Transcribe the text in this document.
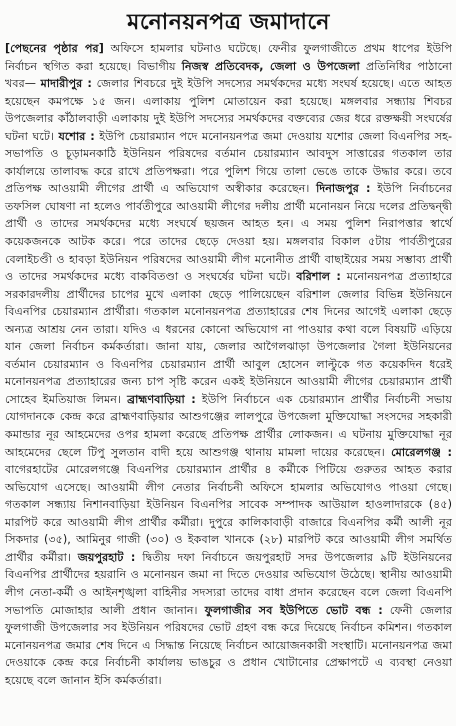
মনোনয়নপত্র জমাদানে
[পেছনের পৃষ্ঠার পর] অফিসে হামলার ঘটনাও ঘটেছে। ফেনীর ফুলগাজীতে প্রথম ধাপের ইউপি নির্বাচন স্থগিত করা হয়েছে। বিভাগীয় নিজস্ব প্রতিবেদক, জেলা ও উপজেলা প্রতিনিধির পাঠানো খবর— মাদারীপুর : জেলার শিবচরে দুই ইউপি সদস্যের সমর্থকদের মধ্যে সংঘর্ষ হয়েছে। এতে আহত হয়েছেন কমপক্ষে ১৫ জন। এলাকায় পুলিশ মোতায়েন করা হয়েছে। মঙ্গলবার সন্ধ্যায় শিবচর উপজেলার কাঁঠালবাড়ী এলাকায় দুই ইউপি সদস্যের সমর্থকদের বক্তব্যের জের ধরে রক্তক্ষয়ী সংঘর্ষের ঘটনা ঘটে। যশোর : ইউপি চেয়ারম্যান পদে মনোনয়নপত্র জমা দেওয়ায় যশোর জেলা বিএনপির সহ-সভাপতি ও চূড়ামনকাঠি ইউনিয়ন পরিষদের বর্তমান চেয়ারম্যান আবদুস সাত্তারের গতকাল তার কার্যালয়ে তালাবদ্ধ করে রাখে প্রতিপক্ষরা। পরে পুলিশ গিয়ে তালা ভেঙে তাকে উদ্ধার করে। তবে প্রতিপক্ষ আওয়ামী লীগের প্রার্থী এ অভিযোগ অস্বীকার করেছেন। দিনাজপুর : ইউপি নির্বাচনের তফসিল ঘোষণা না হলেও পার্বতীপুরে আওয়ামী লীগের দলীয় প্রার্থী মনোনয়ন নিয়ে দলের প্রতিদ্বন্দ্বী প্রার্থী ও তাদের সমর্থকদের মধ্যে সংঘর্ষে ছয়জন আহত হন। এ সময় পুলিশ নিরাপত্তার স্বার্থে কয়েকজনকে আটক করে। পরে তাদের ছেড়ে দেওয়া হয়। মঙ্গলবার বিকাল ৫টায় পার্বতীপুরের বেলাইচণ্ডী ও হাবড়া ইউনিয়ন পরিষদের আওয়ামী লীগ মনোনীত প্রার্থী বাছাইয়ের সময় সম্ভাব্য প্রার্থী ও তাদের সমর্থকদের মধ্যে বাকবিতণ্ডা ও সংঘর্ষের ঘটনা ঘটে। বরিশাল : মনোনয়নপত্র প্রত্যাহারে সরকারদলীয় প্রার্থীদের চাপের মুখে এলাকা ছেড়ে পালিয়েছেন বরিশাল জেলার বিভিন্ন ইউনিয়নে বিএনপির চেয়ারম্যান প্রার্থীরা। গতকাল মনোনয়নপত্র প্রত্যাহারের শেষ দিনের আগেই এলাকা ছেড়ে অন্যত্র আশ্রয় নেন তারা। যদিও এ ধরনের কোনো অভিযোগ না পাওয়ার কথা বলে বিষয়টি এড়িয়ে যান জেলা নির্বাচন কর্মকর্তারা। জানা যায়, জেলার আগৈলঝাড়া উপজেলার গৈলা ইউনিয়নের বর্তমান চেয়ারম্যান ও বিএনপির চেয়ারম্যান প্রার্থী আবুল হোসেন লাল্টুকে গত কয়েকদিন ধরেই মনোনয়নপত্র প্রত্যাহারের জন্য চাপ সৃষ্টি করেন একই ইউনিয়নে আওয়ামী লীগের চেয়ারম্যান প্রার্থী সোহেব ইমতিয়াজ লিমন। ব্রাহ্মণবাড়িয়া : ইউপি নির্বাচনে এক চেয়ারম্যান প্রার্থীর নির্বাচনী সভায় যোগদানকে কেন্দ্র করে ব্রাহ্মণবাড়িয়ার আশুগঞ্জের লালপুরে উপজেলা মুক্তিযোদ্ধা সংসদের সহকারী কমান্ডার নূর আহমেদের ওপর হামলা করেছে প্রতিপক্ষ প্রার্থীর লোকজন। এ ঘটনায় মুক্তিযোদ্ধা নূর আহমেদের ছেলে টিপু সুলতান বাদী হয়ে আশুগঞ্জ থানায় মামলা দায়ের করেছেন। মোরেলগঞ্জ : বাগেরহাটের মোরেলগঞ্জে বিএনপির চেয়ারম্যান প্রার্থীর ৪ কর্মীকে পিটিয়ে গুরুতর আহত করার অভিযোগ এসেছে। আওয়ামী লীগ নেতার নির্বাচনী অফিসে হামলার অভিযোগও পাওয়া গেছে। গতকাল সন্ধ্যায় নিশানবাড়িয়া ইউনিয়ন বিএনপির সাবেক সম্পাদক আউয়াল হাওলাদারকে (৪৫) মারপিট করে আওয়ামী লীগ প্রার্থীর কর্মীরা। দুপুরে কালিকাবাড়ী বাজারে বিএনপির কর্মী আলী নূর সিকদার (৩৫), আমিনুর গাজী (৩০) ও ইকবাল খানকে (২৮) মারপিট করে আওয়ামী লীগ সমর্থিত প্রার্থীর কর্মীরা। জয়পুরহাট : দ্বিতীয় দফা নির্বাচনে জয়পুরহাট সদর উপজেলার ৯টি ইউনিয়নের বিএনপির প্রার্থীদের হয়রানি ও মনোনয়ন জমা না দিতে দেওয়ার অভিযোগ উঠেছে। স্থানীয় আওয়ামী লীগ নেতা-কর্মী ও আইনশৃঙ্খলা বাহিনীর সদস্যরা তাদের বাধা প্রদান করেছেন বলে জেলা বিএনপি সভাপতি মোজাহার আলী প্রধান জানান। ফুলগাজীর সব ইউপিতে ভোট বন্ধ : ফেনী জেলার ফুলগাজী উপজেলার সব ইউনিয়ন পরিষদের ভোট গ্রহণ বন্ধ করে দিয়েছে নির্বাচন কমিশন। গতকাল মনোনয়নপত্র জমার শেষ দিনে এ সিদ্ধান্ত নিয়েছে নির্বাচন আয়োজনকারী সংস্থাটি। মনোনয়নপত্র জমা দেওয়াকে কেন্দ্র করে নির্বাচনী কার্যালয় ভাঙচুর ও প্রধান খোটানোর প্রেক্ষাপটে এ ব্যবস্থা নেওয়া হয়েছে বলে জানান ইসি কর্মকর্তারা।
